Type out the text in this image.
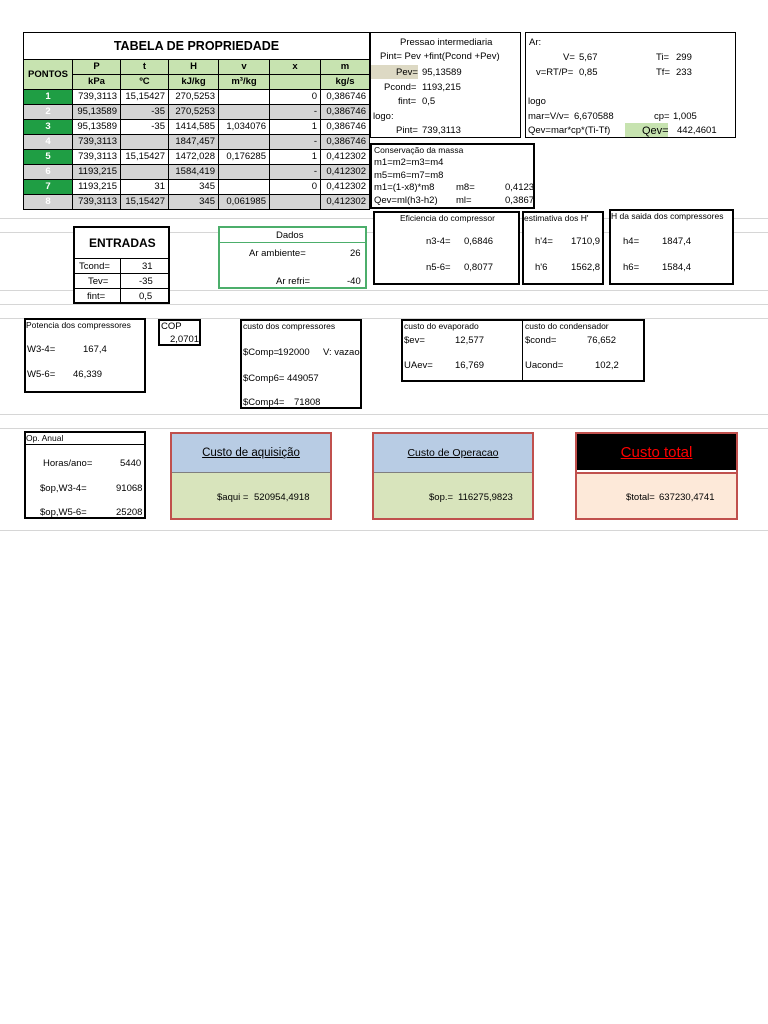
TABELA DE PROPRIEDADE						
PONTOS	P	t	H	v	x	m
	kPa	ºC	kJ/kg	m³/kg		kg/s
1	739,3113	15,15427	270,5253		0	0,386746
2	95,13589	-35	270,5253		-	0,386746
3	95,13589	-35	1414,585	1,034076	1	0,386746
4	739,3113		1847,457		-	0,386746
5	739,3113	15,15427	1472,028	0,176285	1	0,412302
6	1193,215		1584,419		-	0,412302
7	1193,215	31	345		0	0,412302
8	739,3113	15,15427	345	0,061985		0,412302
Pressao intermediaria
Pint= Pev +fint(Pcond +Pev)
Pev= 95,13589
Pcond= 1193,215
fint= 0,5
logo:
Pint= 739,3113
Ar:
V= 5,67	Ti= 299
v=RT/P= 0,85	Tf= 233
logo
mar=V/v= 6,670588	cp= 1,005
Qev=mar*cp*(Ti-Tf)	Qev= 442,4601
Conservação da massa
m1=m2=m3=m4
m5=m6=m7=m8
m1=(1-x8)*m8 m8=	0,4123
Qev=ml(h3-h2) ml=	0,3867
Eficiencia do compressor
n3-4= 0,6846
n5-6= 0,8077
estimativa dos H'
h'4= 1710,9
h'6 1562,8
H da saida dos compressores
h4= 1847,4
h6= 1584,4
ENTRADAS
Tcond=	31
Tev=	-35
fint=	0,5
Dados
Ar ambiente=	26
Ar refri=	-40
Potencia dos compressores
W3-4=	167,4
W5-6= 46,339
COP
2,0701
custo dos compressores
$Comp=
192000 V: vazao
$Comp6= 449057
$Comp4= 71808
custo do evaporado
$ev=	12,577
UAev= 16,769
custo do condensador
$cond=	76,652
Uacond=	102,2
Op. Anual
Horas/ano=	5440
$op,W3-4=	91068
$op,W5-6=	25208
Custo de aquisição
$aqui = 520954,4918
Custo de Operacao
$op.= 116275,9823
Custo total
$total= 637230,4741
